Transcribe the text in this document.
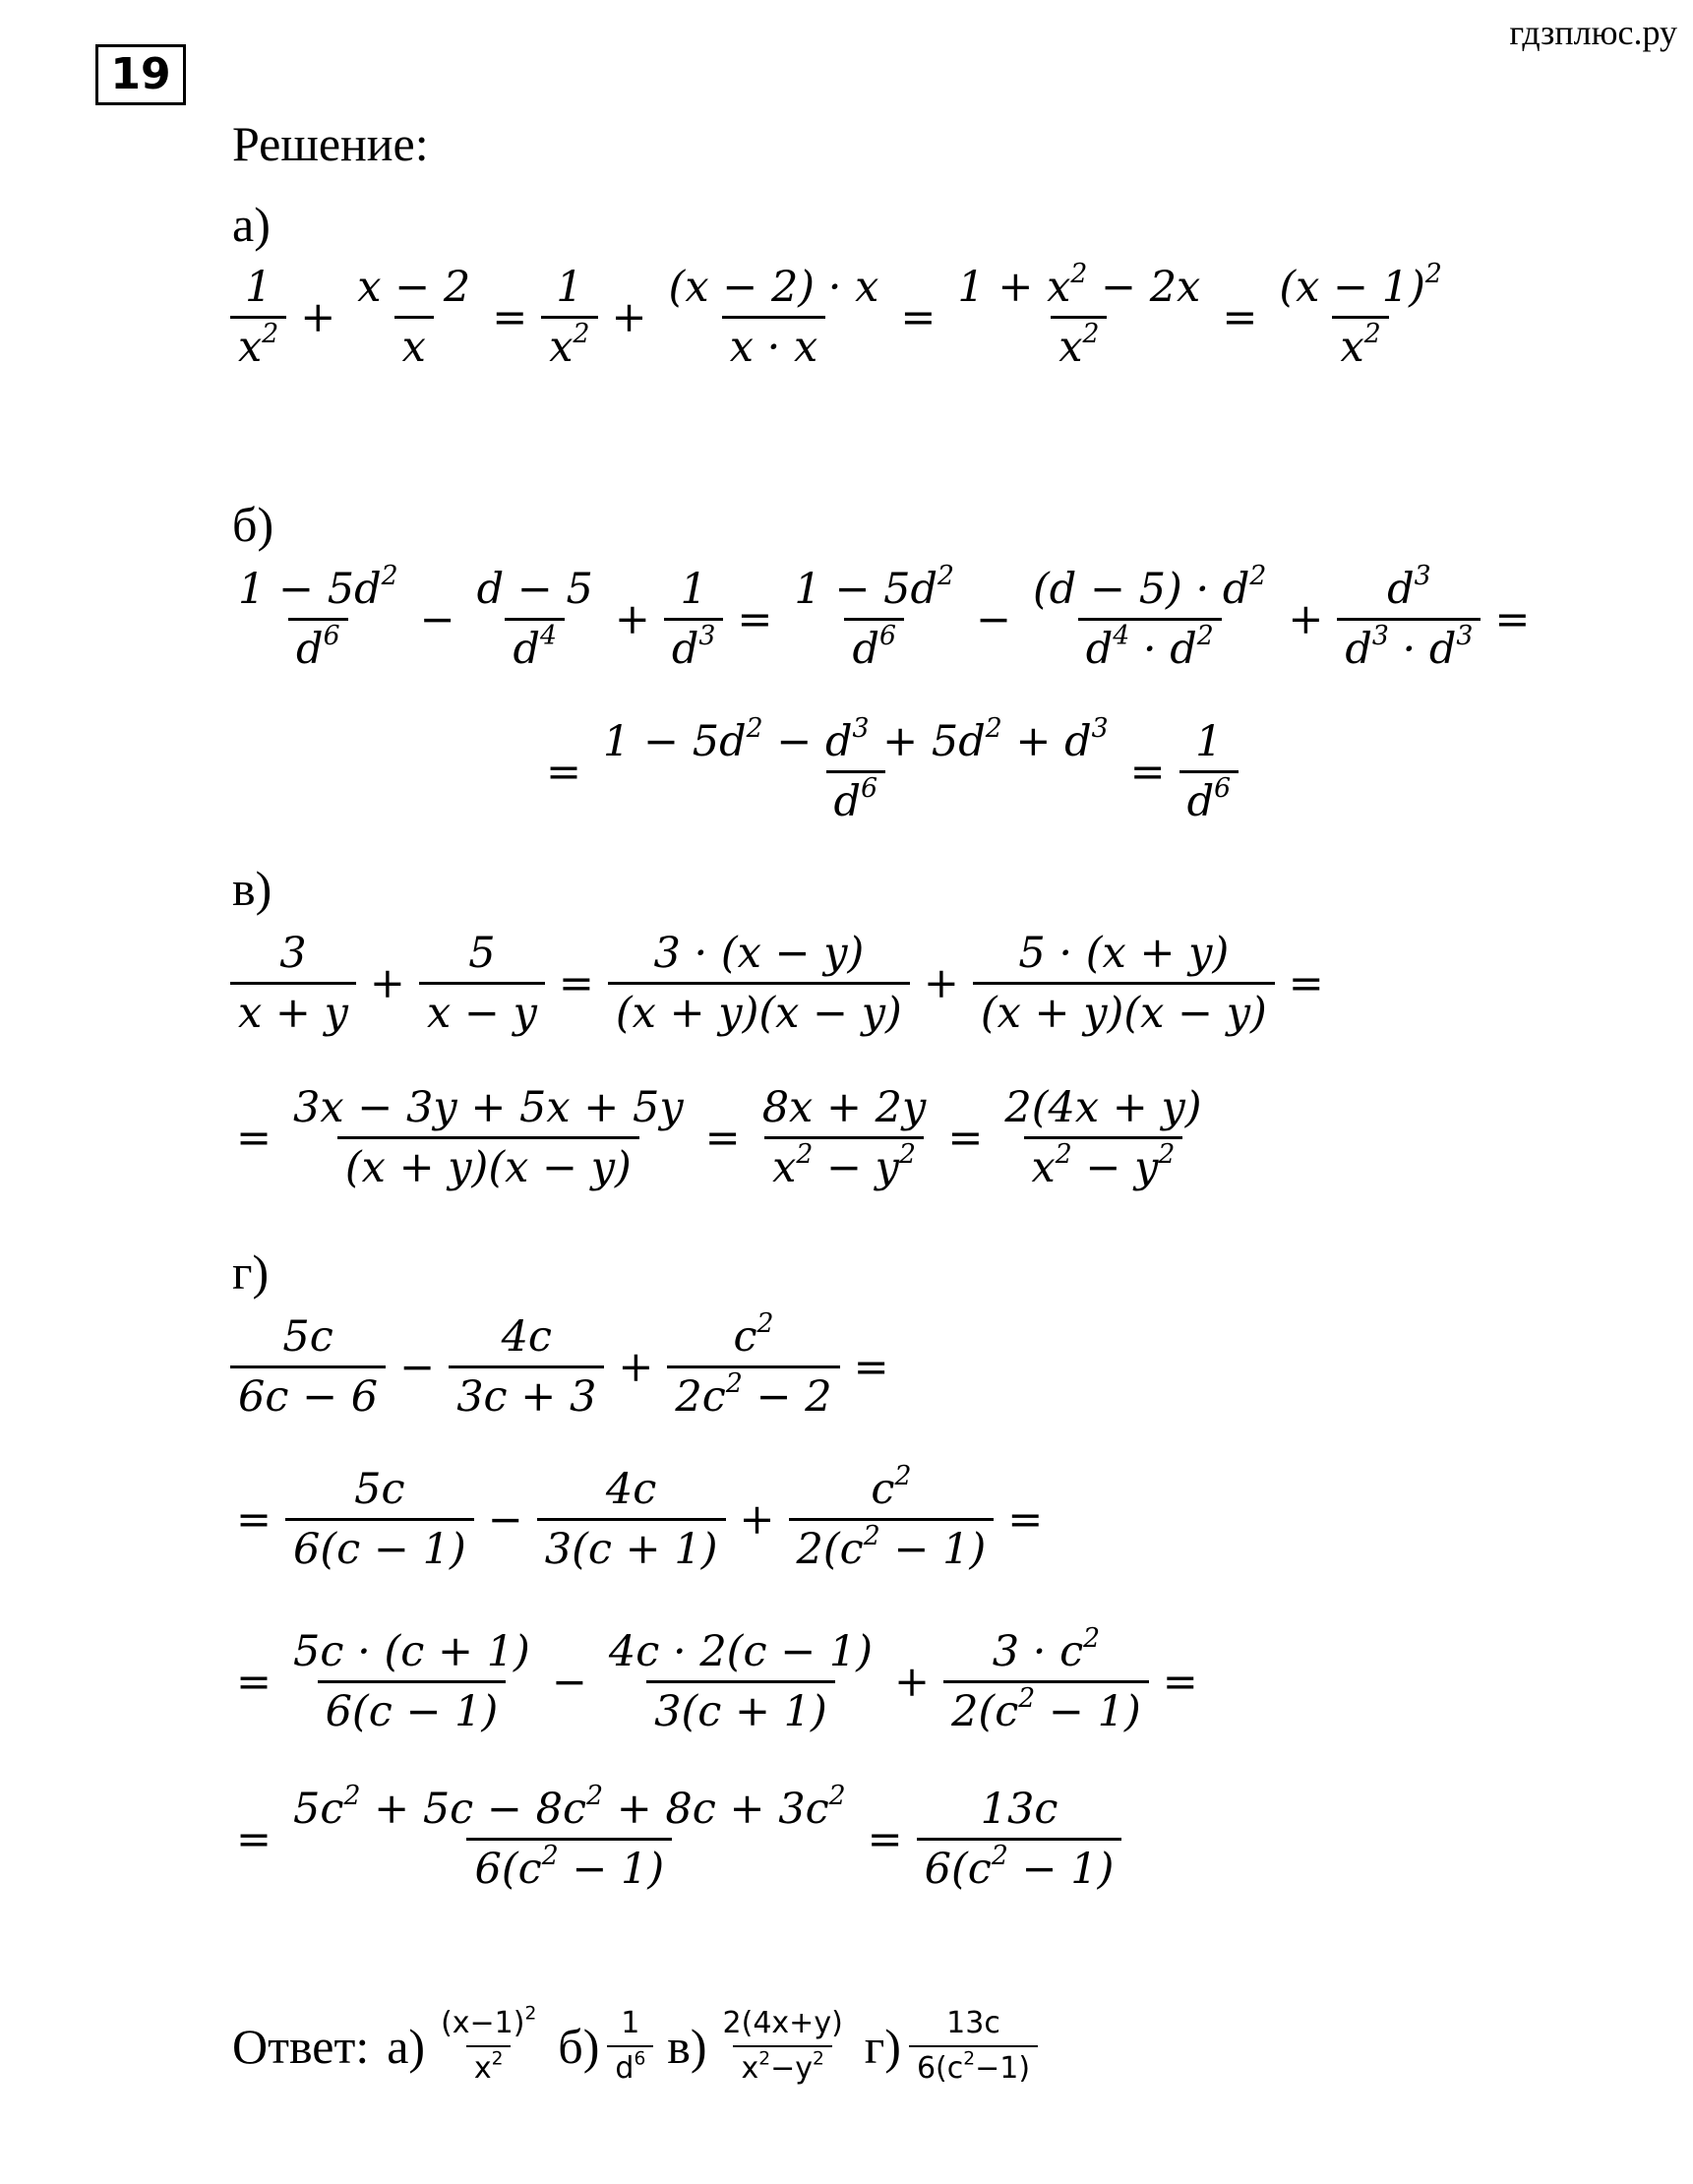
гдзплюс.ру
19
Решение:
а)
$\frac{1}{x^2} + \frac{x - 2}{x} = \frac{1}{x^2} + \frac{(x - 2) \cdot x}{x \cdot x} = \frac{1 + x^2 - 2x}{x^2} = \frac{(x - 1)^2}{x^2}$
б)
$\frac{1 - 5d^2}{d^6} - \frac{d - 5}{d^4} + \frac{1}{d^3} = \frac{1 - 5d^2}{d^6} - \frac{(d - 5) \cdot d^2}{d^4 \cdot d^2} + \frac{d^3}{d^3 \cdot d^3}$ =
= $\frac{1 - 5d^2 - d^3 + 5d^2 + d^3}{d^6} = \frac{1}{d^6}$
в)
$\frac{3}{x + y} + \frac{5}{x - y} = \frac{3 \cdot (x - y)}{(x + y)(x - y)} + \frac{5 \cdot (x + y)}{(x + y)(x - y)}$ =
= $\frac{3x - 3y + 5x + 5y}{(x + y)(x - y)} = \frac{8x + 2y}{x^2 - y^2} = \frac{2(4x + y)}{x^2 - y^2}$
г)
$\frac{5c}{6c - 6} - \frac{4c}{3c + 3} + \frac{c^2}{2c^2 - 2}$ =
= $\frac{5c}{6(c - 1)} - \frac{4c}{3(c + 1)} + \frac{c^2}{2(c^2 - 1)}$ =
= $\frac{5c \cdot (c + 1)}{6(c - 1)} - \frac{4c \cdot 2(c - 1)}{3(c + 1)} + \frac{3 \cdot c^2}{2(c^2 - 1)}$ =
= $\frac{5c^2 + 5c - 8c^2 + 8c + 3c^2}{6(c^2 - 1)} = \frac{13c}{6(c^2 - 1)}$
Ответ: $а) \frac{(x-1)^2}{x^2} б) \frac{1}{d^6} в) \frac{2(4x+y)}{x^2-y^2} г) \frac{13c}{6(c^2-1)}$
